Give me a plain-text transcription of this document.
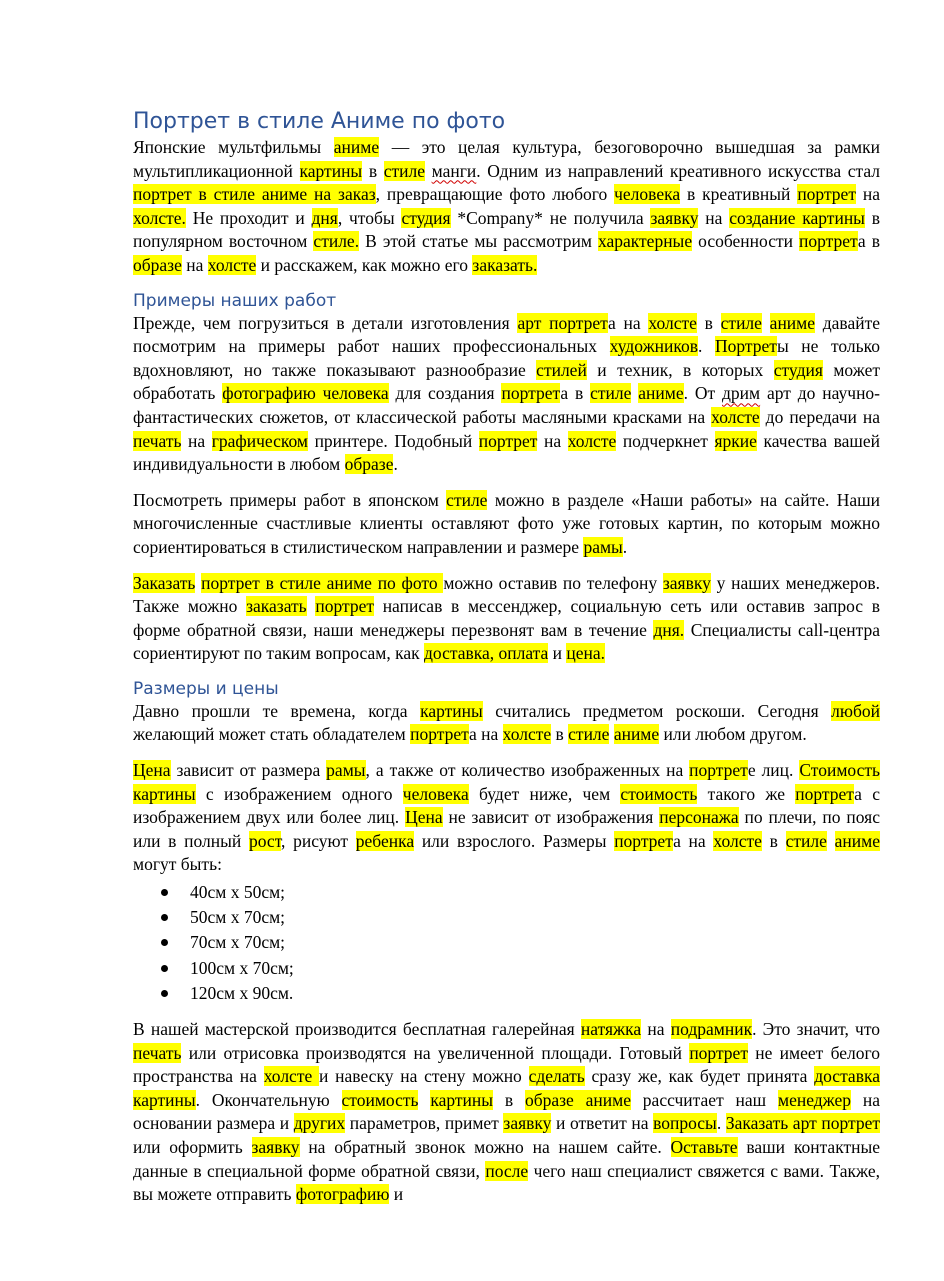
Портрет в стиле Аниме по фото

Японские мультфильмы аниме — это целая культура, безоговорочно вышедшая за рамки мультипликационной картины в стиле манги. Одним из направлений креативного искусства стал портрет в стиле аниме на заказ, превращающие фото любого человека в креативный портрет на холсте. Не проходит и дня, чтобы студия *Company* не получила заявку на создание картины в популярном восточном стиле. В этой статье мы рассмотрим характерные особенности портрета в образе на холсте и расскажем, как можно его заказать.

Примеры наших работ

Прежде, чем погрузиться в детали изготовления арт портрета на холсте в стиле аниме давайте посмотрим на примеры работ наших профессиональных художников. Портреты не только вдохновляют, но также показывают разнообразие стилей и техник, в которых студия может обработать фотографию человека для создания портрета в стиле аниме. От дрим арт до научно-фантастических сюжетов, от классической работы масляными красками на холсте до передачи на печать на графическом принтере. Подобный портрет на холсте подчеркнет яркие качества вашей индивидуальности в любом образе.

Посмотреть примеры работ в японском стиле можно в разделе «Наши работы» на сайте. Наши многочисленные счастливые клиенты оставляют фото уже готовых картин, по которым можно сориентироваться в стилистическом направлении и размере рамы.

Заказать портрет в стиле аниме по фото можно оставив по телефону заявку у наших менеджеров. Также можно заказать портрет написав в мессенджер, социальную сеть или оставив запрос в форме обратной связи, наши менеджеры перезвонят вам в течение дня. Специалисты call-центра сориентируют по таким вопросам, как доставка, оплата и цена.

Размеры и цены

Давно прошли те времена, когда картины считались предметом роскоши. Сегодня любой желающий может стать обладателем портрета на холсте в стиле аниме или любом другом.

Цена зависит от размера рамы, а также от количество изображенных на портрете лиц. Стоимость картины с изображением одного человека будет ниже, чем стоимость такого же портрета с изображением двух или более лиц. Цена не зависит от изображения персонажа по плечи, по пояс или в полный рост, рисуют ребенка или взрослого. Размеры портрета на холсте в стиле аниме могут быть:

40см x 50см;
50см x 70см;
70см x 70см;
100см x 70см;
120см x 90см.

В нашей мастерской производится бесплатная галерейная натяжка на подрамник. Это значит, что печать или отрисовка производятся на увеличенной площади. Готовый портрет не имеет белого пространства на холсте и навеску на стену можно сделать сразу же, как будет принята доставка картины. Окончательную стоимость картины в образе аниме рассчитает наш менеджер на основании размера и других параметров, примет заявку и ответит на вопросы. Заказать арт портрет или оформить заявку на обратный звонок можно на нашем сайте. Оставьте ваши контактные данные в специальной форме обратной связи, после чего наш специалист свяжется с вами. Также, вы можете отправить фотографию и
